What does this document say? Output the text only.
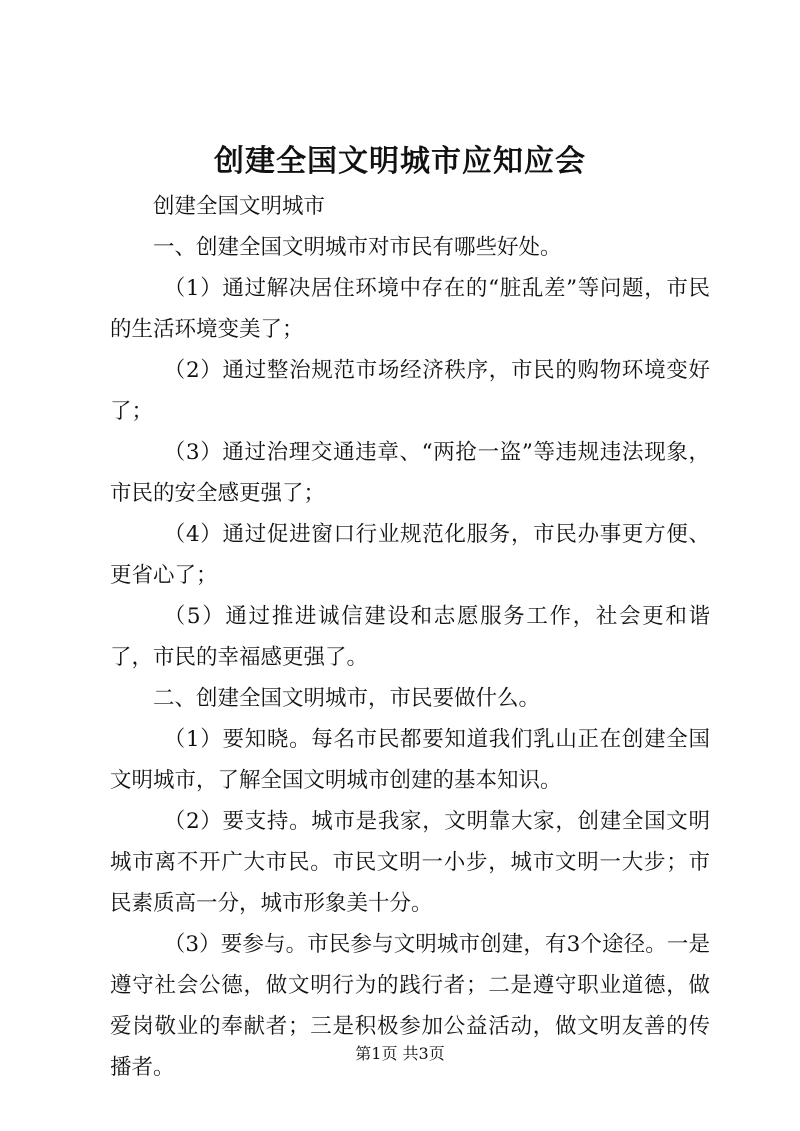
创建全国文明城市应知应会

创建全国文明城市

一、创建全国文明城市对市民有哪些好处。

（1）通过解决居住环境中存在的“脏乱差”等问题，市民的生活环境变美了；

（2）通过整治规范市场经济秩序，市民的购物环境变好了；

（3）通过治理交通违章、“两抢一盗”等违规违法现象，市民的安全感更强了；

（4）通过促进窗口行业规范化服务，市民办事更方便、更省心了；

（5）通过推进诚信建设和志愿服务工作，社会更和谐了，市民的幸福感更强了。

二、创建全国文明城市，市民要做什么。

（1）要知晓。每名市民都要知道我们乳山正在创建全国文明城市，了解全国文明城市创建的基本知识。

（2）要支持。城市是我家，文明靠大家，创建全国文明城市离不开广大市民。市民文明一小步，城市文明一大步；市民素质高一分，城市形象美十分。

（3）要参与。市民参与文明城市创建，有3个途径。一是遵守社会公德，做文明行为的践行者；二是遵守职业道德，做爱岗敬业的奉献者；三是积极参加公益活动，做文明友善的传播者。

第1页 共3页
